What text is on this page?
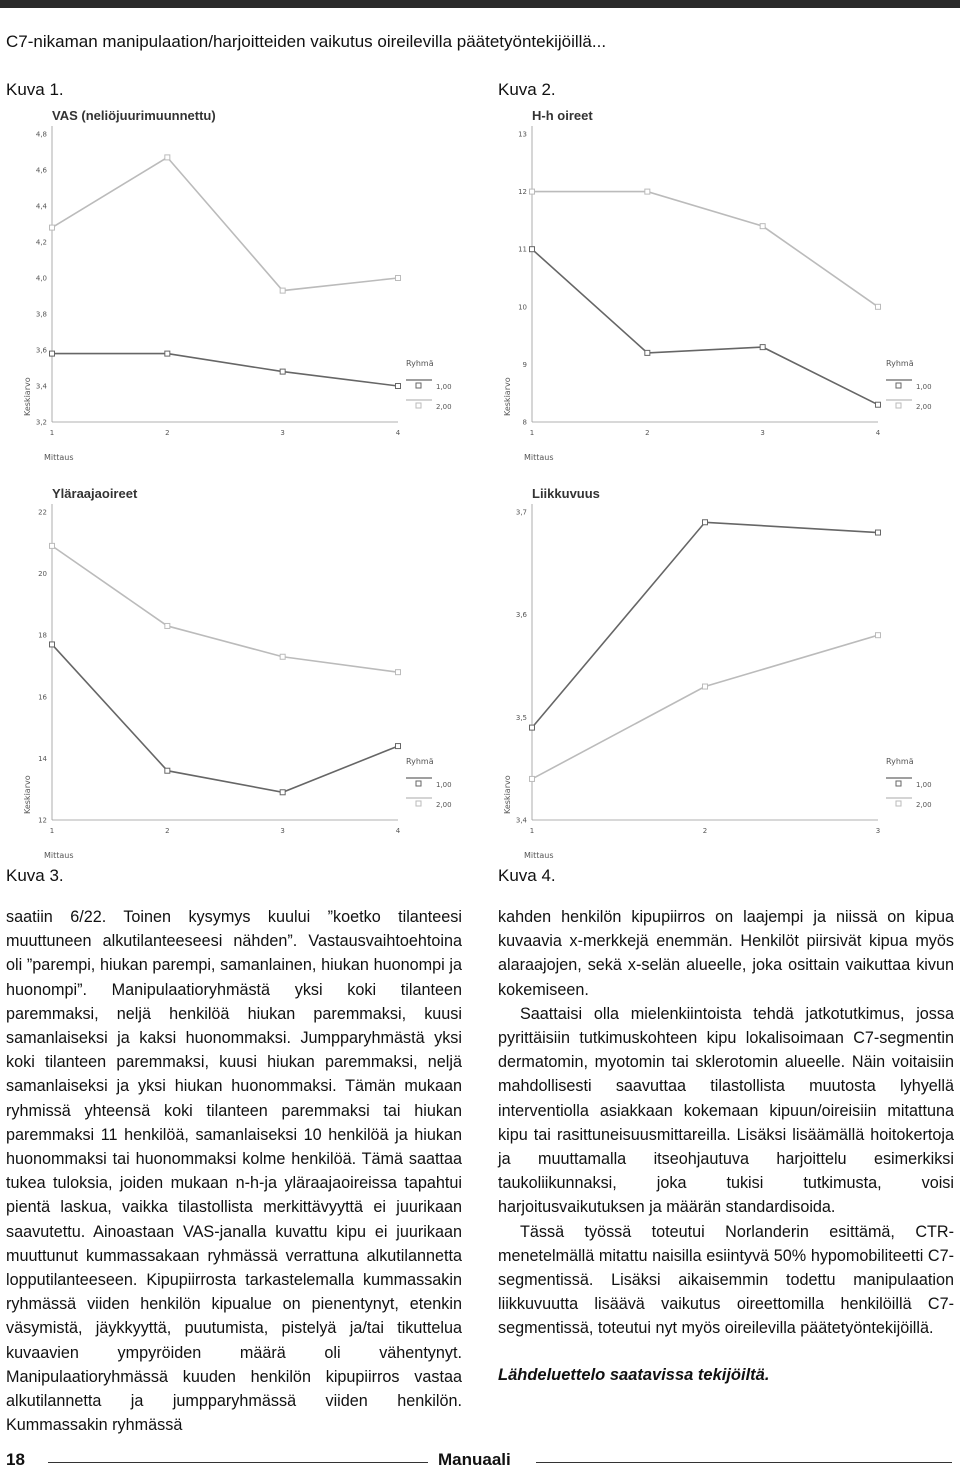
C7-nikaman manipulaation/harjoitteiden vaikutus oireilevilla päätetyöntekijöillä...
Kuva 1.	Kuva 2.
VAS (neliöjuurimuunnettu)
3,2
3,4
3,6
3,8
4,0
4,2
4,4
4,6
4,8
1	2	3	4
Mittaus
Keskiarvo
Ryhmä
1,00
2,00
H-h oireet
8
9
10
11
12
13
1	2	3	4
Mittaus
Keskiarvo
Ryhmä
1,00
2,00
Yläraajaoireet
12
14
16
18
20
22
1	2	3	4
Mittaus
Keskiarvo
Ryhmä
1,00
2,00
Liikkuvuus
3,4
3,5
3,6
3,7
1	2	3
Mittaus
Keskiarvo
Ryhmä
1,00
2,00
Kuva 3.	Kuva 4.

saatiin 6/22. Toinen kysymys kuului ”koetko tilanteesi muuttuneen alkutilanteeseesi nähden”. Vastausvaihtoehtoina oli ”parempi, hiukan parempi, samanlainen, hiukan huonompi ja huonompi”. Manipulaatioryhmästä yksi koki tilanteen paremmaksi, neljä henkilöä hiukan paremmaksi, kuusi samanlaiseksi ja kaksi huonommaksi. Jumpparyhmästä yksi koki tilanteen paremmaksi, kuusi hiukan paremmaksi, neljä samanlaiseksi ja yksi hiukan huonommaksi. Tämän mukaan ryhmissä yhteensä koki tilanteen paremmaksi tai hiukan paremmaksi 11 henkilöä, samanlaiseksi 10 henkilöä ja hiukan huonommaksi tai huonommaksi kolme henkilöä. Tämä saattaa tukea tuloksia, joiden mukaan n-h-ja yläraajaoireissa tapahtui pientä laskua, vaikka tilastollista merkittävyyttä ei juurikaan saavutettu. Ainoastaan VAS-janalla kuvattu kipu ei juurikaan muuttunut kummassakaan ryhmässä verrattuna alkutilannetta lopputilanteeseen. Kipupiirrosta tarkastelemalla kummassakin ryhmässä viiden henkilön kipualue on pienentynyt, etenkin väsymistä, jäykkyyttä, puutumista, pistelyä ja/tai tikuttelua kuvaavien ympyröiden määrä oli vähentynyt. Manipulaatioryhmässä kuuden henkilön kipupiirros vastaa alkutilannetta ja jumpparyhmässä viiden henkilön. Kummassakin ryhmässä

kahden henkilön kipupiirros on laajempi ja niissä on kipua kuvaavia x-merkkejä enemmän. Henkilöt piirsivät kipua myös alaraajojen, sekä x-selän alueelle, joka osittain vaikuttaa kivun kokemiseen.

Saattaisi olla mielenkiintoista tehdä jatkotutkimus, jossa pyrittäisiin tutkimuskohteen kipu lokalisoimaan C7-segmentin dermatomin, myotomin tai sklerotomin alueelle. Näin voitaisiin mahdollisesti saavuttaa tilastollista muutosta lyhyellä interventiolla asiakkaan kokemaan kipuun/oireisiin mitattuna kipu tai rasittuneisuusmittareilla. Lisäksi lisäämällä hoitokertoja ja muuttamalla itseohjautuva harjoittelu esimerkiksi taukoliikunnaksi, joka tukisi tutkimusta, voisi harjoitusvaikutuksen ja määrän standardisoida.

Tässä työssä toteutui Norlanderin esittämä, CTR-menetelmällä mitattu naisilla esiintyvä 50% hypomobiliteetti C7-segmentissä. Lisäksi aikaisemmin todettu manipulaation liikkuvuutta lisäävä vaikutus oireettomilla henkilöillä C7-segmentissä, toteutui nyt myös oireilevilla päätetyöntekijöillä.

Lähdeluettelo saatavissa tekijöiltä.

18	Manuaali
